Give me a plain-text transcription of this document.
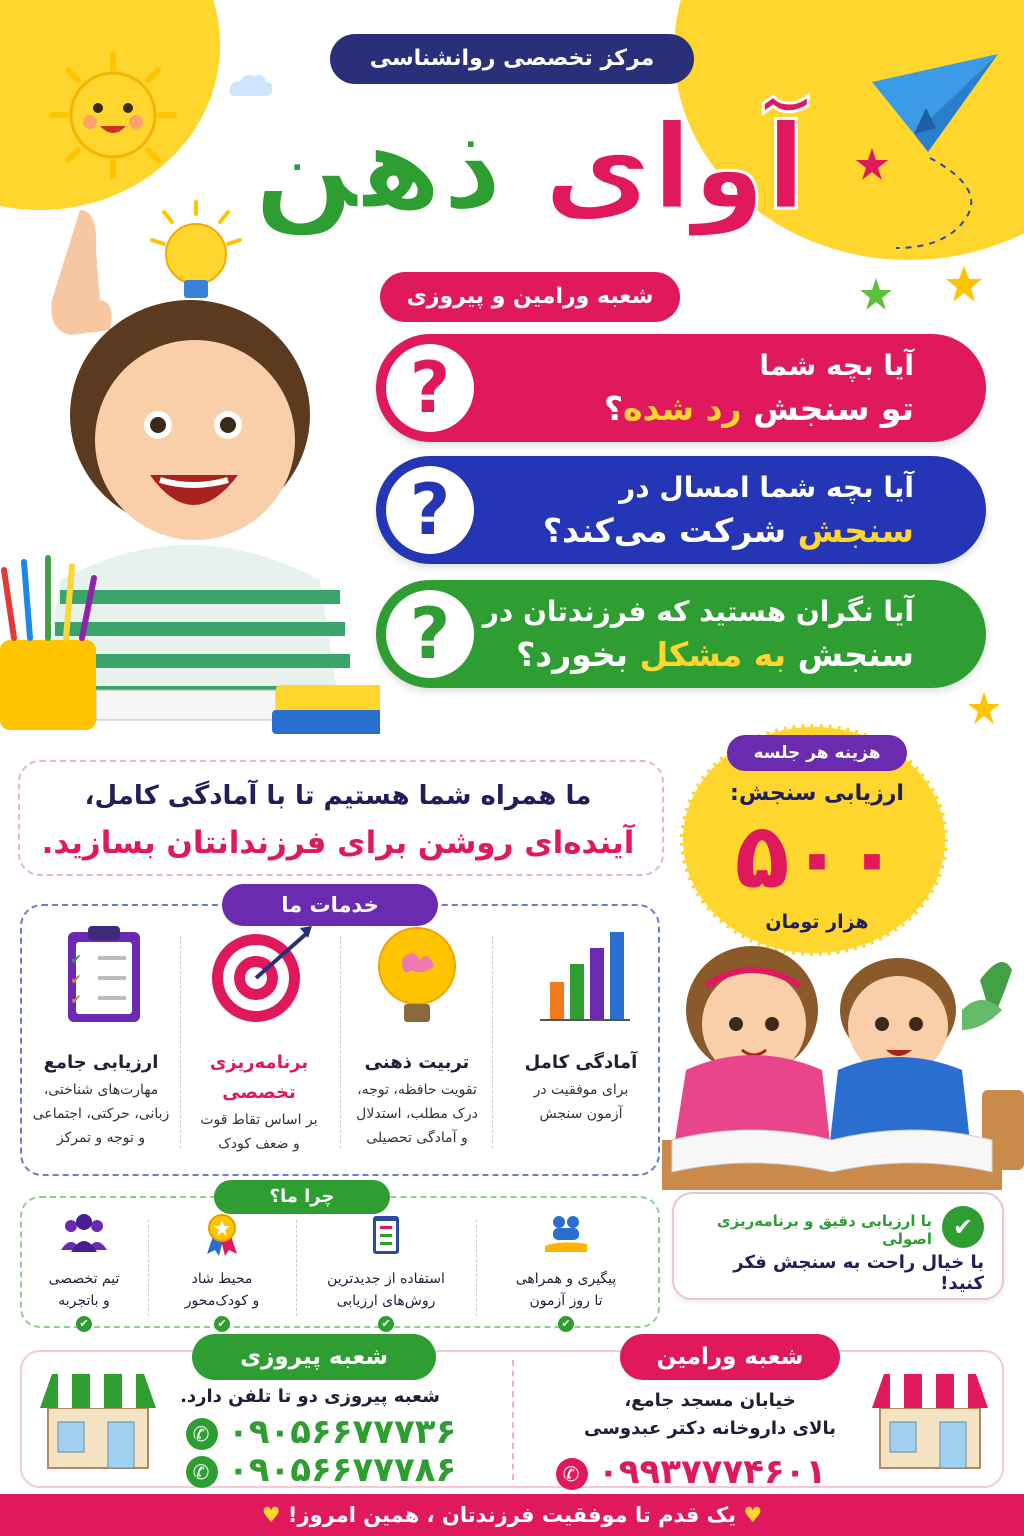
مرکز تخصصی روانشناسی
آوای ذهن
شعبه ورامین و پیروزی
?	آیا بچه شما
تو سنجش رد شده؟
?	آیا بچه شما امسال در
سنجش شرکت می‌کند؟
?	آیا نگران هستید که فرزندتان در
سنجش به مشکل بخورد؟
ما همراه شما هستیم تا با آمادگی کامل،
آینده‌ای روشن برای فرزندانتان بسازید.
هزینه هر جلسه
ارزیابی سنجش:
۵۰۰
هزار تومان
خدمات ما
آمادگی کامل
برای موفقیت در
آزمون سنجش
تربیت ذهنی
تقویت حافظه، توجه،
درک مطلب، استدلال
و آمادگی تحصیلی
برنامه‌ریزی تخصصی
بر اساس تقاط قوت
و ضعف کودک
✔
✔
✔
ارزیابی جامع
مهارت‌های شناختی،
زبانی، حرکتی، اجتماعی
و توجه و تمرکز
✔
با ارزیابی دقیق و برنامه‌ریزی اصولی
با خیال راحت به سنجش فکر کنید!
چرا ما؟
پیگیری و همراهی
تا روز آزمون
✔
استفاده از جدیدترین
روش‌های ارزیابی
✔
محیط شاد
و کودک‌محور
✔
تیم تخصصی
و باتجربه
✔
شعبه پیروزی
شعبه پیروزی دو تا تلفن دارد.
✆ ۰۹۰۵۶۶۷۷۷۳۶
✆ ۰۹۰۵۶۶۷۷۷۸۶
شعبه ورامین
خیابان مسجد جامع،
بالای داروخانه دکتر عبدوسی
✆ ۰۹۹۳۷۷۷۴۶۰۱
♥ یک قدم تا موفقیت فرزندتان ، همین امروز! ♥
